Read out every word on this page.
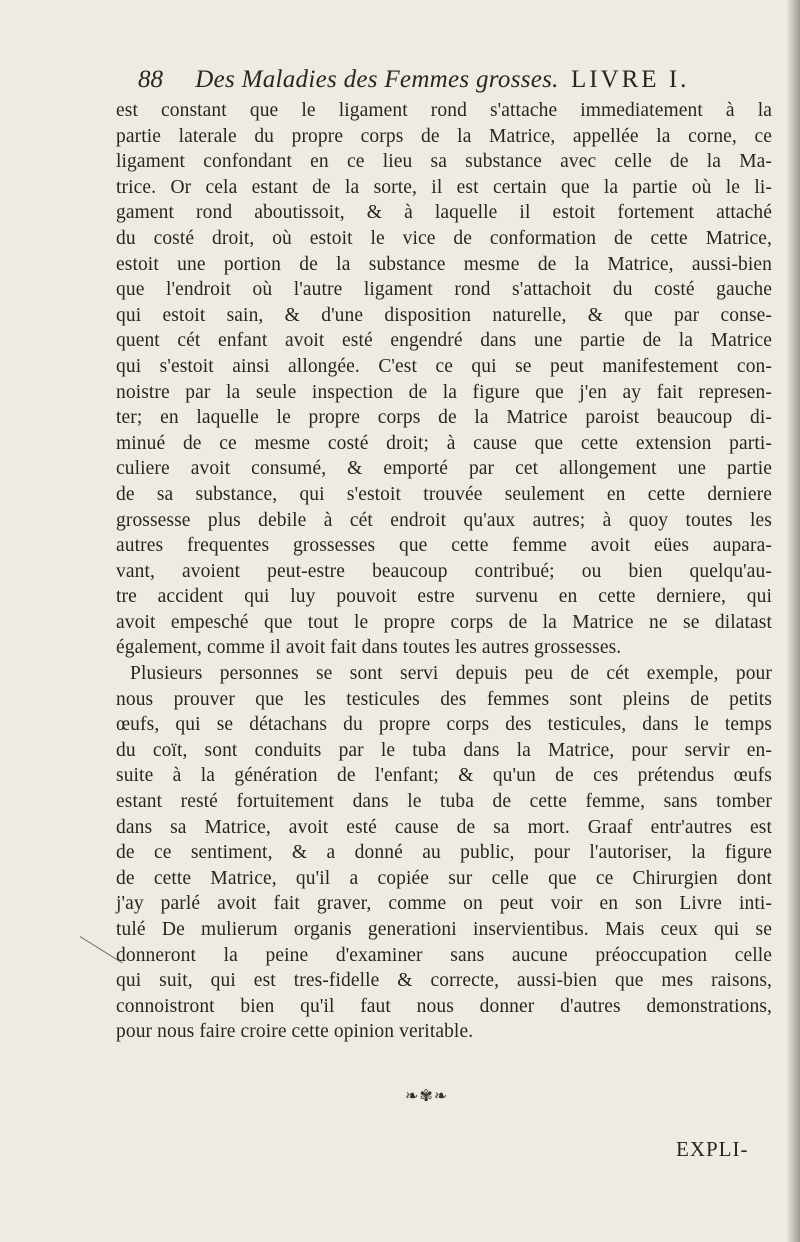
88 Des Maladies des Femmes grosses. LIVRE I.
est constant que le ligament rond s'attache immediatement à la
partie laterale du propre corps de la Matrice, appellée la corne, ce
ligament confondant en ce lieu sa substance avec celle de la Ma-
trice. Or cela estant de la sorte, il est certain que la partie où le li-
gament rond aboutissoit, & à laquelle il estoit fortement attaché
du costé droit, où estoit le vice de conformation de cette Matrice,
estoit une portion de la substance mesme de la Matrice, aussi-bien
que l'endroit où l'autre ligament rond s'attachoit du costé gauche
qui estoit sain, & d'une disposition naturelle, & que par conse-
quent cét enfant avoit esté engendré dans une partie de la Matrice
qui s'estoit ainsi allongée. C'est ce qui se peut manifestement con-
noistre par la seule inspection de la figure que j'en ay fait represen-
ter; en laquelle le propre corps de la Matrice paroist beaucoup di-
minué de ce mesme costé droit; à cause que cette extension parti-
culiere avoit consumé, & emporté par cet allongement une partie
de sa substance, qui s'estoit trouvée seulement en cette derniere
grossesse plus debile à cét endroit qu'aux autres; à quoy toutes les
autres frequentes grossesses que cette femme avoit eües aupara-
vant, avoient peut-estre beaucoup contribué; ou bien quelqu'au-
tre accident qui luy pouvoit estre survenu en cette derniere, qui
avoit empesché que tout le propre corps de la Matrice ne se dilatast
également, comme il avoit fait dans toutes les autres grossesses.
Plusieurs personnes se sont servi depuis peu de cét exemple, pour
nous prouver que les testicules des femmes sont pleins de petits
œufs, qui se détachans du propre corps des testicules, dans le temps
du coït, sont conduits par le tuba dans la Matrice, pour servir en-
suite à la génération de l'enfant; & qu'un de ces prétendus œufs
estant resté fortuitement dans le tuba de cette femme, sans tomber
dans sa Matrice, avoit esté cause de sa mort. Graaf entr'autres est
de ce sentiment, & a donné au public, pour l'autoriser, la figure
de cette Matrice, qu'il a copiée sur celle que ce Chirurgien dont
j'ay parlé avoit fait graver, comme on peut voir en son Livre inti-
tulé De mulierum organis generationi inservientibus. Mais ceux qui se
donneront la peine d'examiner sans aucune préoccupation celle
qui suit, qui est tres-fidelle & correcte, aussi-bien que mes raisons,
connoistront bien qu'il faut nous donner d'autres demonstrations,
pour nous faire croire cette opinion veritable.
❧✾❧
EXPLI-
